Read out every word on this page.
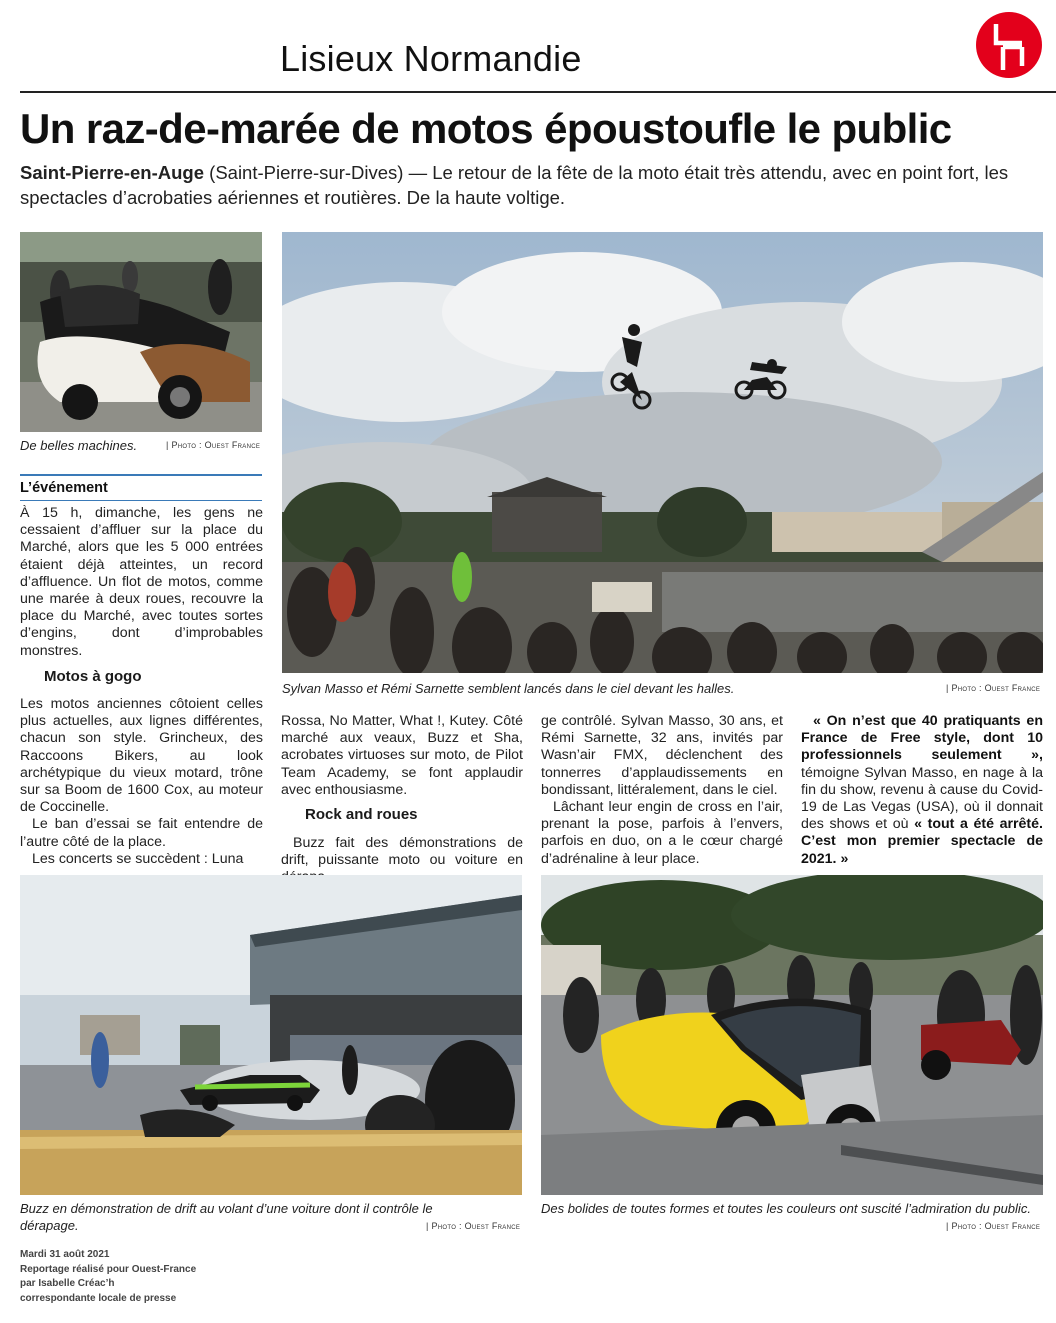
Lisieux Normandie
Un raz-de-marée de motos époustoufle le public
Saint-Pierre-en-Auge (Saint-Pierre-sur-Dives) — Le retour de la fête de la moto était très attendu, avec en point fort, les spectacles d’acrobaties aériennes et routières. De la haute voltige.
De belles machines.	| Photo : Ouest France
Sylvan Masso et Rémi Sarnette semblent lancés dans le ciel devant les halles.	| Photo : Ouest France
L’événement

À 15 h, dimanche, les gens ne cessaient d’affluer sur la place du Marché, alors que les 5 000 entrées étaient déjà atteintes, un record d’affluence. Un flot de motos, comme une marée à deux roues, recouvre la place du Marché, avec toutes sortes d’engins, dont d’improbables monstres.

Motos à gogo

Les motos anciennes côtoient celles plus actuelles, aux lignes différentes, chacun son style. Grincheux, des Raccoons Bikers, au look archétypique du vieux motard, trône sur sa Boom de 1600 Cox, au moteur de Coccinelle.

Le ban d’essai se fait entendre de l’autre côté de la place.

Les concerts se succèdent : Luna

Rossa, No Matter, What !, Kutey. Côté marché aux veaux, Buzz et Sha, acrobates virtuoses sur moto, de Pilot Team Academy, se font applaudir avec enthousiasme.

Rock and roues

Buzz fait des démonstrations de drift, puissante moto ou voiture en

ge contrôlé. Sylvan Masso, 30 ans, et Rémi Sarnette, 32 ans, invités par Wasn’air FMX, déclenchent des tonnerres d’applaudissements en bondissant, littéralement, dans le ciel.

Lâchant leur engin de cross en l’air, prenant la pose, parfois à l’envers, parfois en duo, on a le cœur chargé d’adrénaline à leur place.

« On n’est que 40 pratiquants en France de Free style, dont 10 professionnels seulement », témoigne Sylvan Masso, en nage à la fin du show, revenu à cause du Covid-19 de Las Vegas (USA), où il donnait des shows et où « tout a été arrêté. C’est mon premier spectacle de 2021. »

Buzz en démonstration de drift au volant d’une voiture dont il contrôle le dérapage.	| Photo : Ouest France
Des bolides de toutes formes et toutes les couleurs ont suscité l’admiration du public.
| Photo : Ouest France
Mardi 31 août 2021
Reportage réalisé pour Ouest-France
par Isabelle Créac’h
correspondante locale de presse
